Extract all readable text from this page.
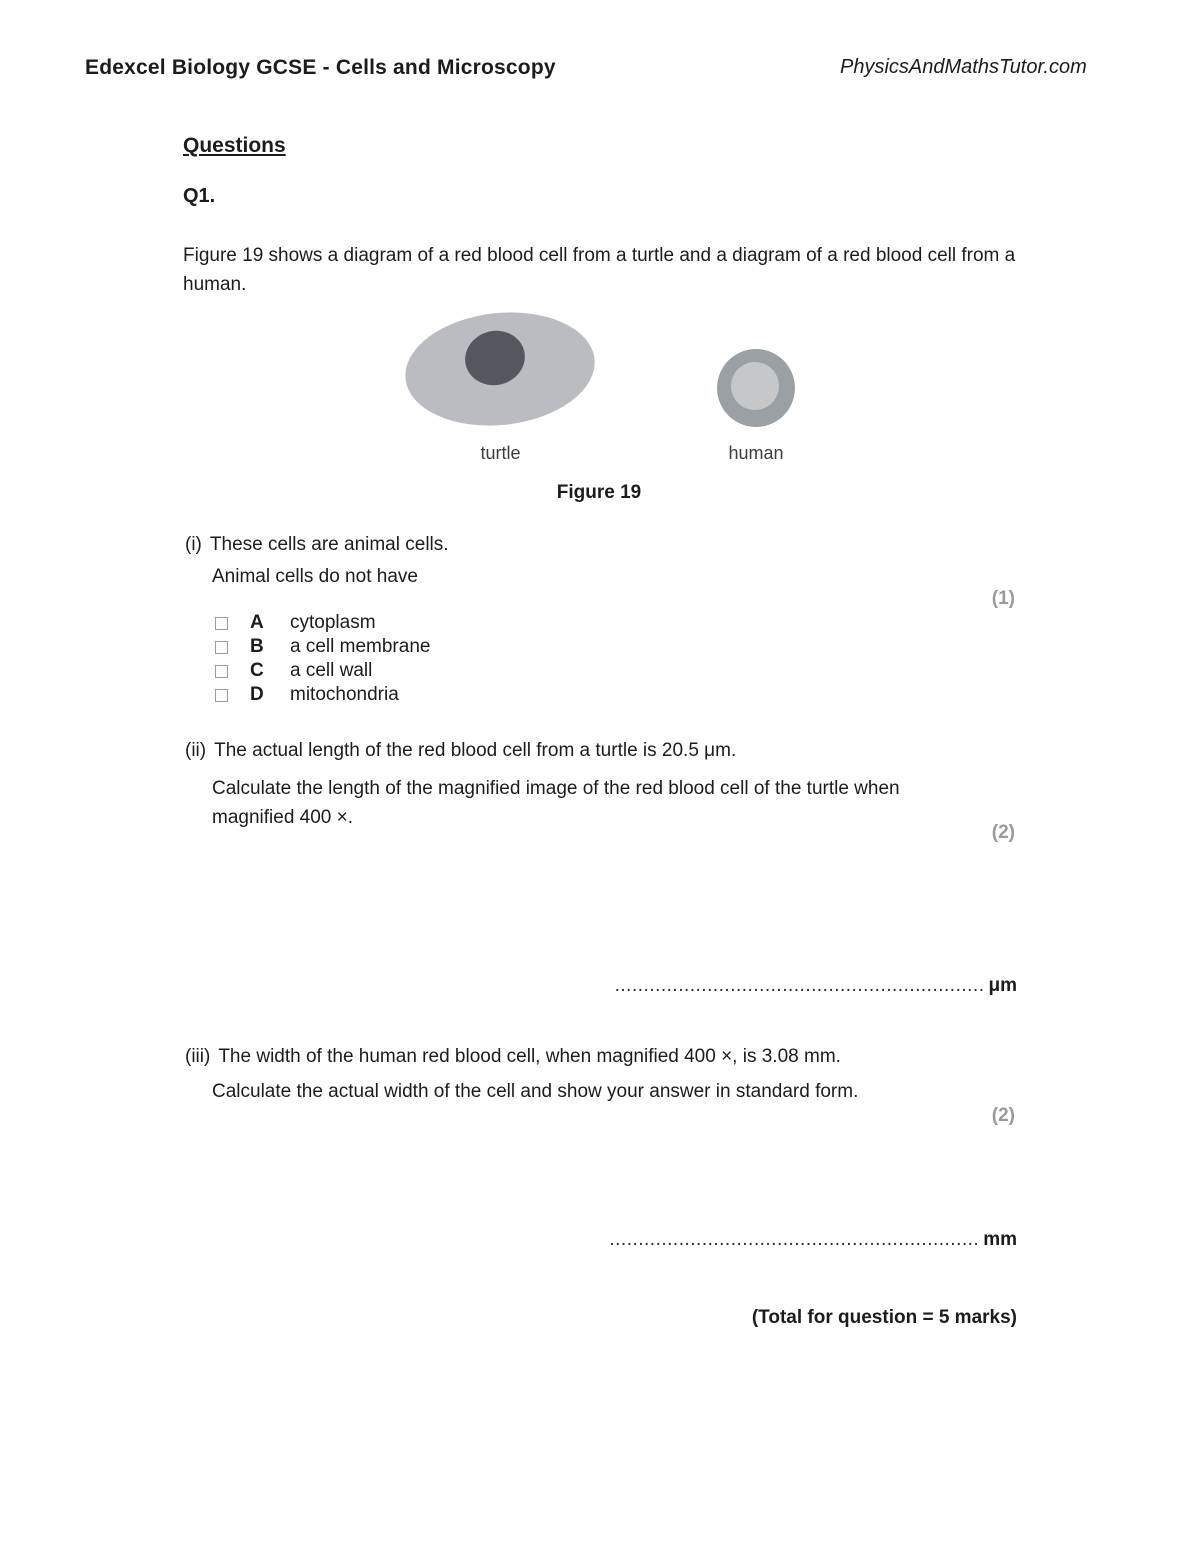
Edexcel Biology GCSE - Cells and Microscopy	PhysicsAndMathsTutor.com
Questions
Q1.
Figure 19 shows a diagram of a red blood cell from a turtle and a diagram of a red blood cell from a human.
turtle	human
Figure 19
(i) These cells are animal cells.
Animal cells do not have
(1)
A	cytoplasm
B	a cell membrane
C	a cell wall
D	mitochondria
(ii) The actual length of the red blood cell from a turtle is 20.5 μm.
Calculate the length of the magnified image of the red blood cell of the turtle when magnified 400 ×.
(2)
................................................................ μm
(iii) The width of the human red blood cell, when magnified 400 ×, is 3.08 mm.
Calculate the actual width of the cell and show your answer in standard form.
(2)
................................................................ mm
(Total for question = 5 marks)
